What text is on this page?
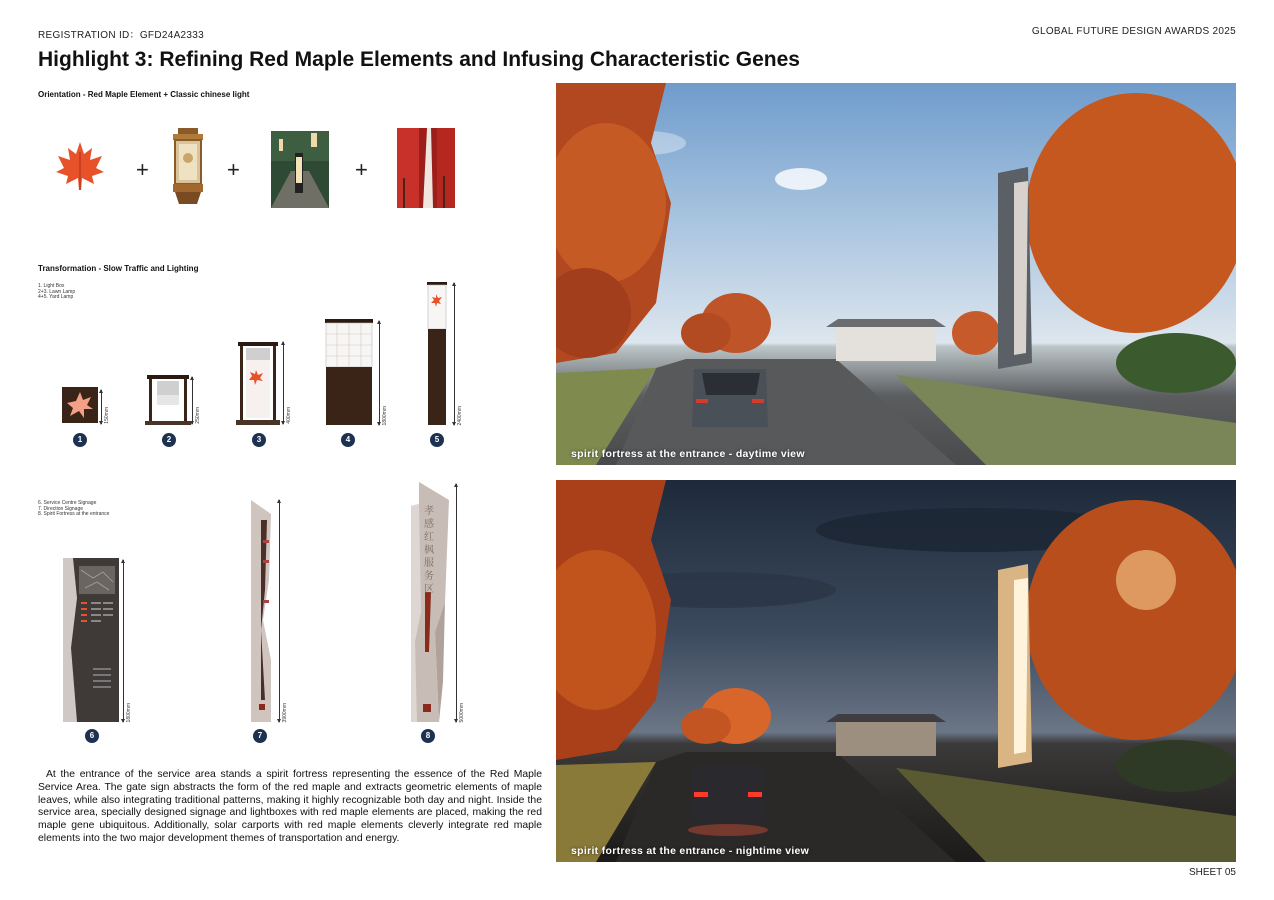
REGISTRATION ID：GFD24A2333	GLOBAL FUTURE DESIGN AWARDS 2025
Highlight 3: Refining Red Maple Elements and Infusing Characteristic Genes
Orientation - Red Maple Element + Classic chinese light
+	+	+
Transformation - Slow Traffic and Lighting
1. Light Box
2+3. Lawn Lamp
4+5. Yard Lamp
150mm
1
250mm
2
400mm
3
1800mm
4
2400mm
5
6. Service Centre Signage
7. Direction Signage
8. Spirit Fortress at the entrance
1800mm
6
3900mm
7
孝感红枫服务区
5000mm
8
At the entrance of the service area stands a spirit fortress representing the essence of the Red Maple Service Area. The gate sign abstracts the form of the red maple and extracts geometric elements of maple leaves, while also integrating traditional patterns, making it highly recognizable both day and night. Inside the service area, specially designed signage and lightboxes with red maple elements are placed, making the red maple gene ubiquitous. Additionally, solar carports with red maple elements cleverly integrate red maple elements into the two major development themes of transportation and energy.
spirit fortress at the entrance - daytime view
spirit fortress at the entrance - nightime view
SHEET 05
